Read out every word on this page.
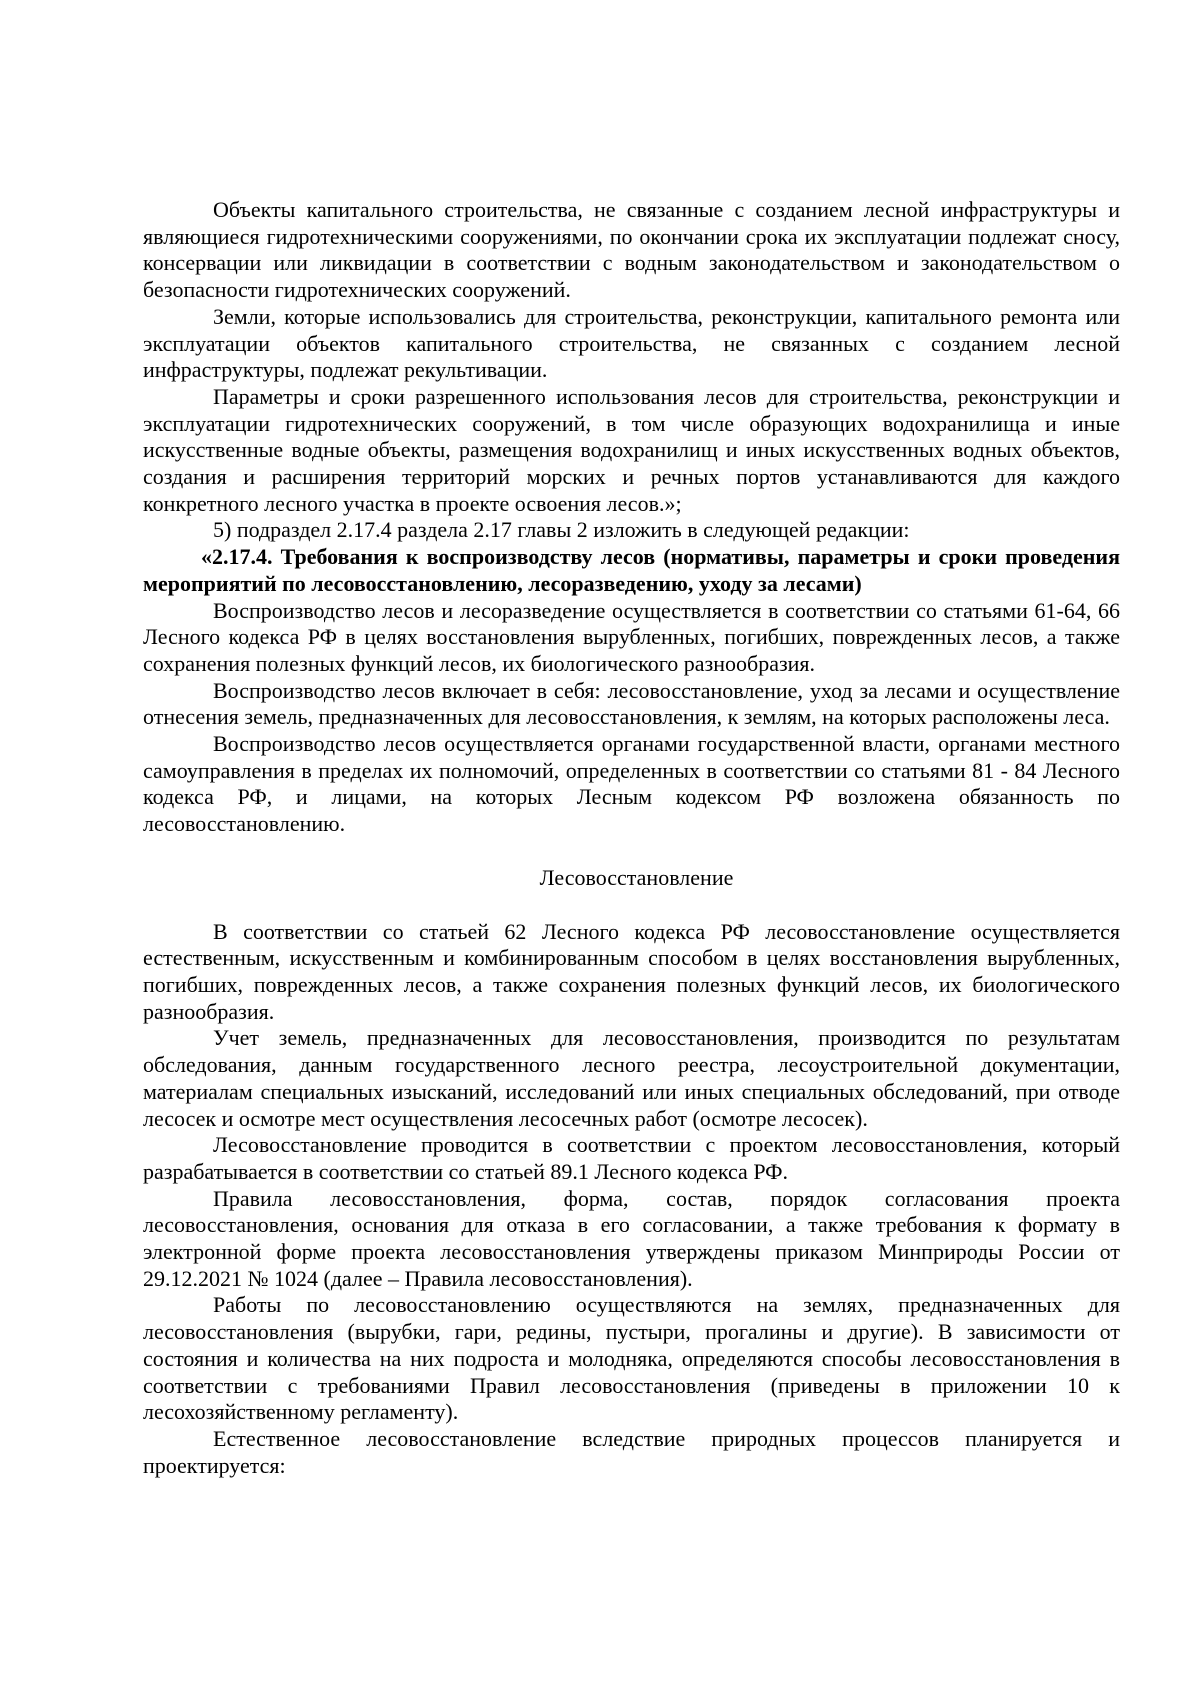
Объекты капитального строительства, не связанные с созданием лесной инфраструктуры и являющиеся гидротехническими сооружениями, по окончании срока их эксплуатации подлежат сносу, консервации или ликвидации в соответствии с водным законодательством и законодательством о безопасности гидротехнических сооружений.

Земли, которые использовались для строительства, реконструкции, капитального ремонта или эксплуатации объектов капитального строительства, не связанных с созданием лесной инфраструктуры, подлежат рекультивации.

Параметры и сроки разрешенного использования лесов для строительства, реконструкции и эксплуатации гидротехнических сооружений, в том числе образующих водохранилища и иные искусственные водные объекты, размещения водохранилищ и иных искусственных водных объектов, создания и расширения территорий морских и речных портов устанавливаются для каждого конкретного лесного участка в проекте освоения лесов.»;

5) подраздел 2.17.4 раздела 2.17 главы 2 изложить в следующей редакции:

«2.17.4. Требования к воспроизводству лесов (нормативы, параметры и сроки проведения мероприятий по лесовосстановлению, лесоразведению, уходу за лесами)

Воспроизводство лесов и лесоразведение осуществляется в соответствии со статьями 61-64, 66 Лесного кодекса РФ в целях восстановления вырубленных, погибших, поврежденных лесов, а также сохранения полезных функций лесов, их биологического разнообразия.

Воспроизводство лесов включает в себя: лесовосстановление, уход за лесами и осуществление отнесения земель, предназначенных для лесовосстановления, к землям, на которых расположены леса.

Воспроизводство лесов осуществляется органами государственной власти, органами местного самоуправления в пределах их полномочий, определенных в соответствии со статьями 81 - 84 Лесного кодекса РФ, и лицами, на которых Лесным кодексом РФ возложена обязанность по лесовосстановлению.

Лесовосстановление

В соответствии со статьей 62 Лесного кодекса РФ лесовосстановление осуществляется естественным, искусственным и комбинированным способом в целях восстановления вырубленных, погибших, поврежденных лесов, а также сохранения полезных функций лесов, их биологического разнообразия.

Учет земель, предназначенных для лесовосстановления, производится по результатам обследования, данным государственного лесного реестра, лесоустроительной документации, материалам специальных изысканий, исследований или иных специальных обследований, при отводе лесосек и осмотре мест осуществления лесосечных работ (осмотре лесосек).

Лесовосстановление проводится в соответствии с проектом лесовосстановления, который разрабатывается в соответствии со статьей 89.1 Лесного кодекса РФ.

Правила лесовосстановления, форма, состав, порядок согласования проекта лесовосстановления, основания для отказа в его согласовании, а также требования к формату в электронной форме проекта лесовосстановления утверждены приказом Минприроды России от 29.12.2021 № 1024 (далее – Правила лесовосстановления).

Работы по лесовосстановлению осуществляются на землях, предназначенных для лесовосстановления (вырубки, гари, редины, пустыри, прогалины и другие). В зависимости от состояния и количества на них подроста и молодняка, определяются способы лесовосстановления в соответствии с требованиями Правил лесовосстановления (приведены в приложении 10 к лесохозяйственному регламенту).

Естественное лесовосстановление вследствие природных процессов планируется и проектируется:
